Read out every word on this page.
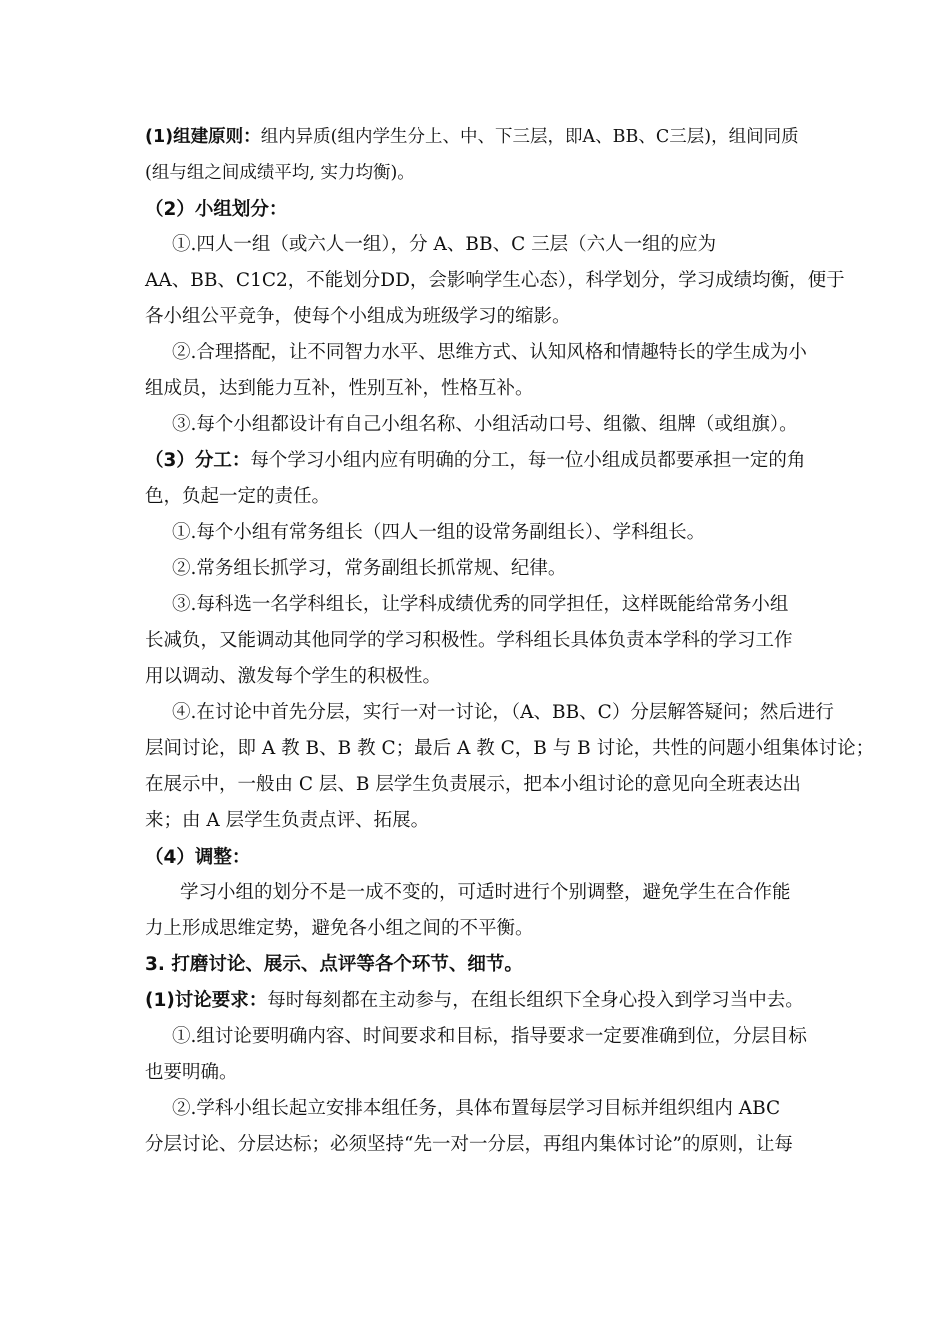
(1)组建原则：组内异质(组内学生分上、中、下三层，即A、BB、C三层)，组间同质
(组与组之间成绩平均, 实力均衡)。
（2）小组划分：
①.四人一组（或六人一组），分 A、BB、C 三层（六人一组的应为
AA、BB、C1C2，不能划分DD，会影响学生心态），科学划分，学习成绩均衡，便于
各小组公平竞争，使每个小组成为班级学习的缩影。
②.合理搭配，让不同智力水平、思维方式、认知风格和情趣特长的学生成为小
组成员，达到能力互补，性别互补，性格互补。
③.每个小组都设计有自己小组名称、小组活动口号、组徽、组牌（或组旗）。
（3）分工：每个学习小组内应有明确的分工，每一位小组成员都要承担一定的角
色，负起一定的责任。
①.每个小组有常务组长（四人一组的设常务副组长）、学科组长。
②.常务组长抓学习，常务副组长抓常规、纪律。
③.每科选一名学科组长，让学科成绩优秀的同学担任，这样既能给常务小组
长减负，又能调动其他同学的学习积极性。学科组长具体负责本学科的学习工作
用以调动、激发每个学生的积极性。
④.在讨论中首先分层，实行一对一讨论，（A、BB、C）分层解答疑问；然后进行
层间讨论，即 A 教 B、B 教 C；最后 A 教 C，B 与 B 讨论，共性的问题小组集体讨论；
在展示中，一般由 C 层、B 层学生负责展示，把本小组讨论的意见向全班表达出
来；由 A 层学生负责点评、拓展。
（4）调整：
学习小组的划分不是一成不变的，可适时进行个别调整，避免学生在合作能
力上形成思维定势，避免各小组之间的不平衡。
3. 打磨讨论、展示、点评等各个环节、细节。
(1)讨论要求：每时每刻都在主动参与，在组长组织下全身心投入到学习当中去。
①.组讨论要明确内容、时间要求和目标，指导要求一定要准确到位，分层目标
也要明确。
②.学科小组长起立安排本组任务，具体布置每层学习目标并组织组内 ABC
分层讨论、分层达标；必须坚持“先一对一分层，再组内集体讨论”的原则，让每
